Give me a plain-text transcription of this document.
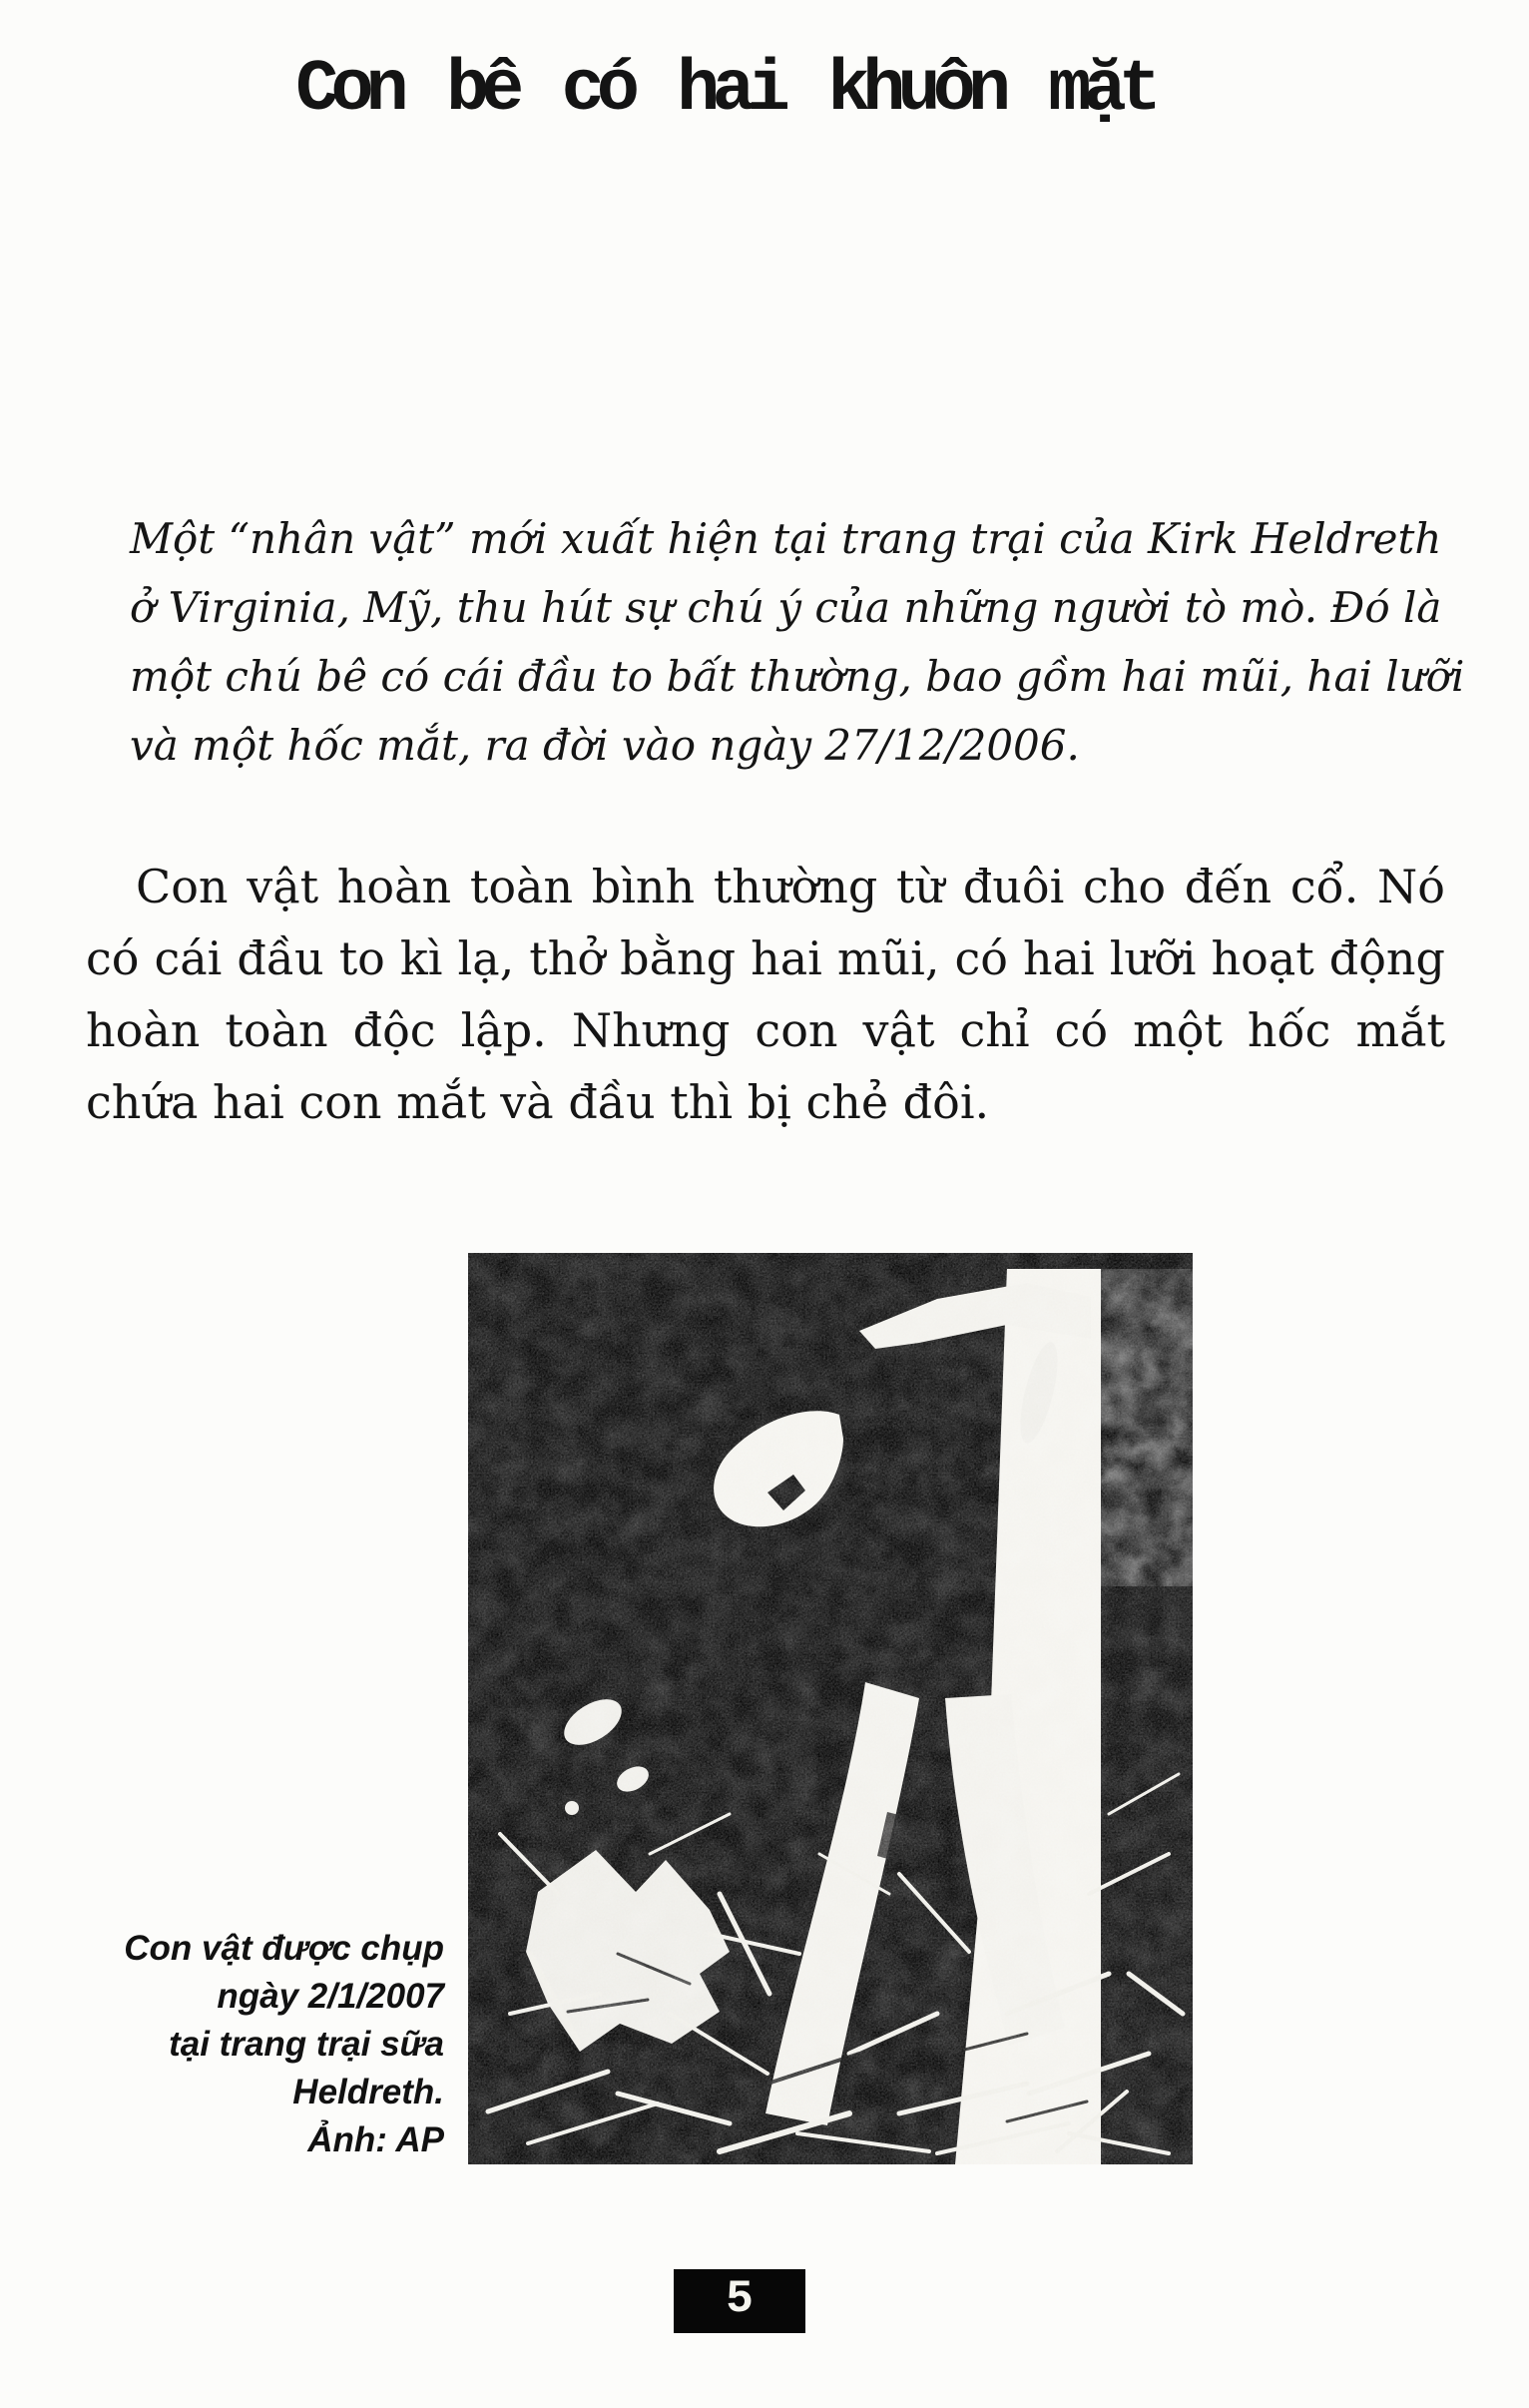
Con bê có hai khuôn mặt
Một “nhân vật” mới xuất hiện tại trang trại của Kirk Heldreth
ở Virginia, Mỹ, thu hút sự chú ý của những người tò mò. Đó là
một chú bê có cái đầu to bất thường, bao gồm hai mũi, hai lưỡi
và một hốc mắt, ra đời vào ngày 27/12/2006.
Con vật hoàn toàn bình thường từ đuôi cho đến cổ. Nó
có cái đầu to kì lạ, thở bằng hai mũi, có hai lưỡi hoạt động
hoàn toàn độc lập. Nhưng con vật chỉ có một hốc mắt
chứa hai con mắt và đầu thì bị chẻ đôi.
Con vật được chụp
ngày 2/1/2007
tại trang trại sữa
Heldreth.
Ảnh: AP
5
